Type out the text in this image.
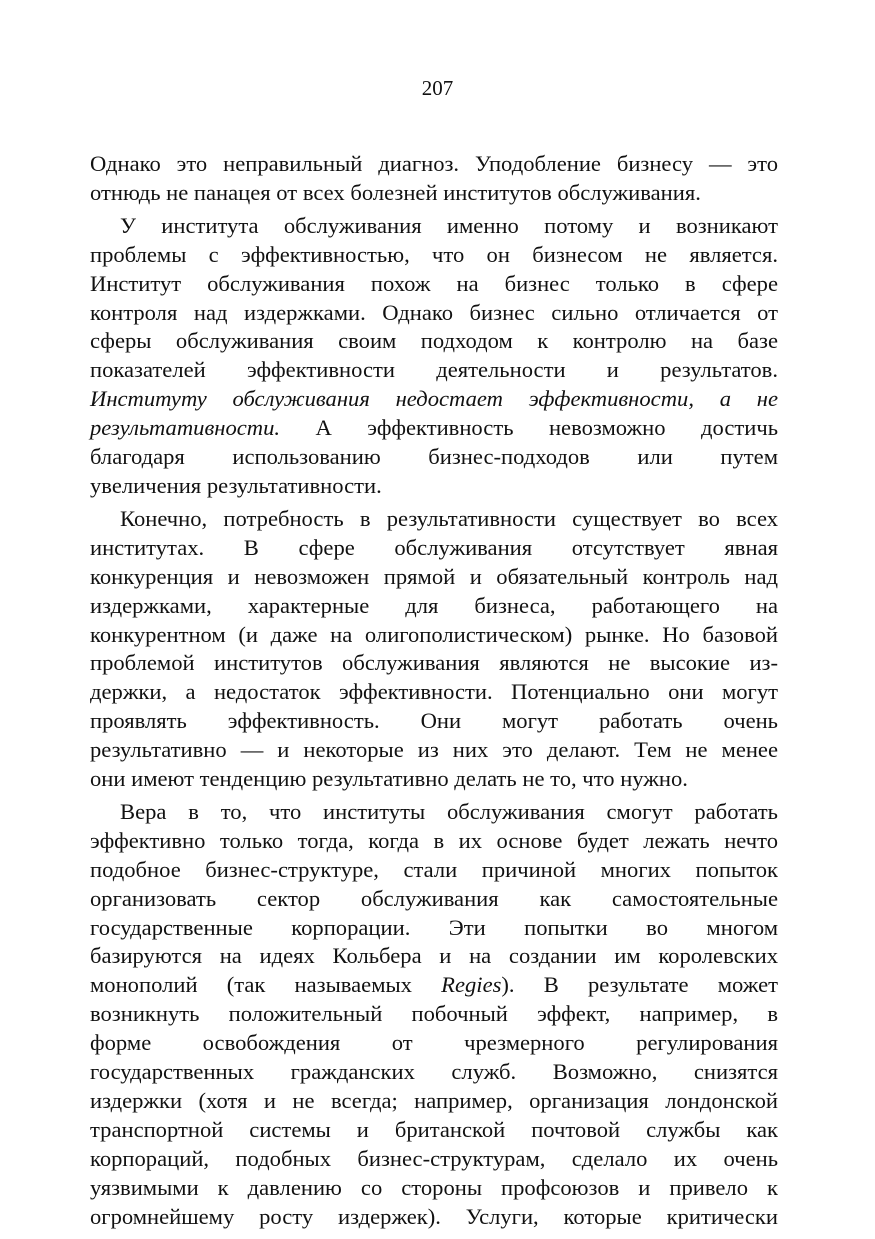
207
Однако это неправильный диагноз. Уподобление бизнесу — это
отнюдь не панацея от всех болезней институтов обслуживания.
У института обслуживания именно потому и возникают
проблемы с эффективностью, что он бизнесом не является.
Институт обслуживания похож на бизнес только в сфере
контроля над издержками. Однако бизнес сильно отличается от
сферы обслуживания своим подходом к контролю на базе
показателей эффективности деятельности и результатов.
Институту обслуживания недостает эффективности, а не
результативности. А эффективность невозможно достичь
благодаря использованию бизнес-подходов или путем
увеличения результативности.
Конечно, потребность в результативности существует во всех
институтах. В сфере обслуживания отсутствует явная
конкуренция и невозможен прямой и обязательный контроль над
издержками, характерные для бизнеса, работающего на
конкурентном (и даже на олигополистическом) рынке. Но базовой
проблемой институтов обслуживания являются не высокие из-
держки, а недостаток эффективности. Потенциально они могут
проявлять эффективность. Они могут работать очень
результативно — и некоторые из них это делают. Тем не менее
они имеют тенденцию результативно делать не то, что нужно.
Вера в то, что институты обслуживания смогут работать
эффективно только тогда, когда в их основе будет лежать нечто
подобное бизнес-структуре, стали причиной многих попыток
организовать сектор обслуживания как самостоятельные
государственные корпорации. Эти попытки во многом
базируются на идеях Кольбера и на создании им королевских
монополий (так называемых Regies). В результате может
возникнуть положительный побочный эффект, например, в
форме освобождения от чрезмерного регулирования
государственных гражданских служб. Возможно, снизятся
издержки (хотя и не всегда; например, организация лондонской
транспортной системы и британской почтовой службы как
корпораций, подобных бизнес-структурам, сделало их очень
уязвимыми к давлению со стороны профсоюзов и привело к
огромнейшему росту издержек). Услуги, которые критически
